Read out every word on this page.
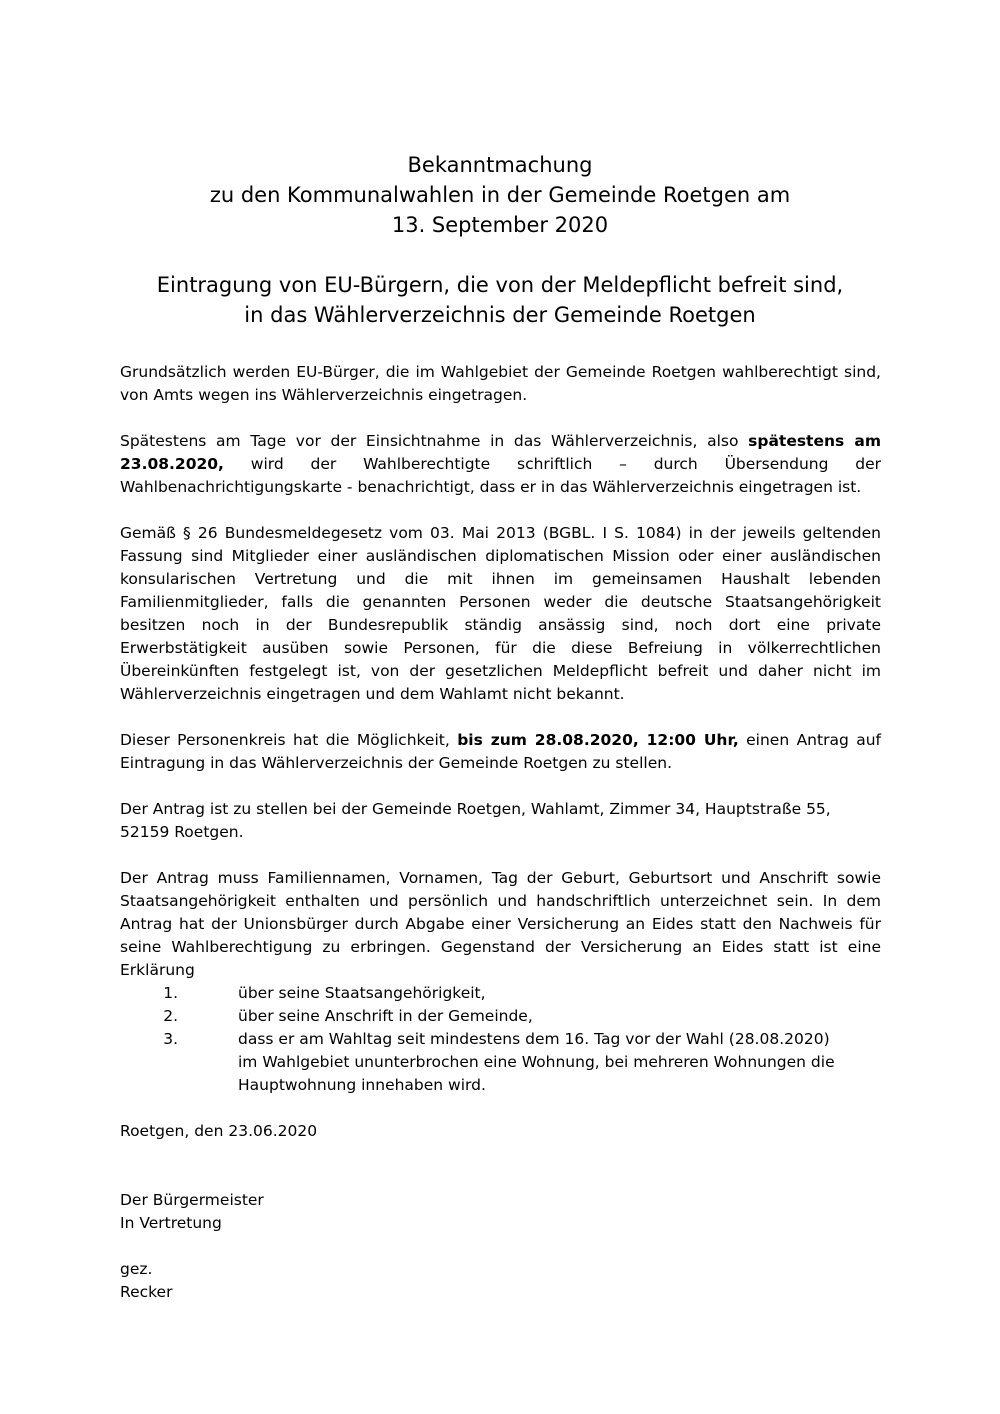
Bekanntmachung
zu den Kommunalwahlen in der Gemeinde Roetgen am
13. September 2020
Eintragung von EU-Bürgern, die von der Meldepflicht befreit sind,
in das Wählerverzeichnis der Gemeinde Roetgen

Grundsätzlich werden EU-Bürger, die im Wahlgebiet der Gemeinde Roetgen wahlberechtigt sind, von Amts wegen ins Wählerverzeichnis eingetragen.

Spätestens am Tage vor der Einsichtnahme in das Wählerverzeichnis, also spätestens am 23.08.2020, wird der Wahlberechtigte schriftlich – durch Übersendung der Wahlbenachrichtigungskarte - benachrichtigt, dass er in das Wählerverzeichnis eingetragen ist.

Gemäß § 26 Bundesmeldegesetz vom 03. Mai 2013 (BGBL. I S. 1084) in der jeweils geltenden Fassung sind Mitglieder einer ausländischen diplomatischen Mission oder einer ausländischen konsularischen Vertretung und die mit ihnen im gemeinsamen Haushalt lebenden Familienmitglieder, falls die genannten Personen weder die deutsche Staatsangehörigkeit besitzen noch in der Bundesrepublik ständig ansässig sind, noch dort eine private Erwerbstätigkeit ausüben sowie Personen, für die diese Befreiung in völkerrechtlichen Übereinkünften festgelegt ist, von der gesetzlichen Meldepflicht befreit und daher nicht im Wählerverzeichnis eingetragen und dem Wahlamt nicht bekannt.

Dieser Personenkreis hat die Möglichkeit, bis zum 28.08.2020, 12:00 Uhr, einen Antrag auf Eintragung in das Wählerverzeichnis der Gemeinde Roetgen zu stellen.

Der Antrag ist zu stellen bei der Gemeinde Roetgen, Wahlamt, Zimmer 34, Hauptstraße 55, 52159 Roetgen.

Der Antrag muss Familiennamen, Vornamen, Tag der Geburt, Geburtsort und Anschrift sowie Staatsangehörigkeit enthalten und persönlich und handschriftlich unterzeichnet sein. In dem Antrag hat der Unionsbürger durch Abgabe einer Versicherung an Eides statt den Nachweis für seine Wahlberechtigung zu erbringen. Gegenstand der Versicherung an Eides statt ist eine Erklärung

1.	über seine Staatsangehörigkeit,
2.	über seine Anschrift in der Gemeinde,
3.	dass er am Wahltag seit mindestens dem 16. Tag vor der Wahl (28.08.2020) im Wahlgebiet ununterbrochen eine Wohnung, bei mehreren Wohnungen die Hauptwohnung innehaben wird.

Roetgen, den 23.06.2020

Der Bürgermeister

In Vertretung

gez.

Recker
